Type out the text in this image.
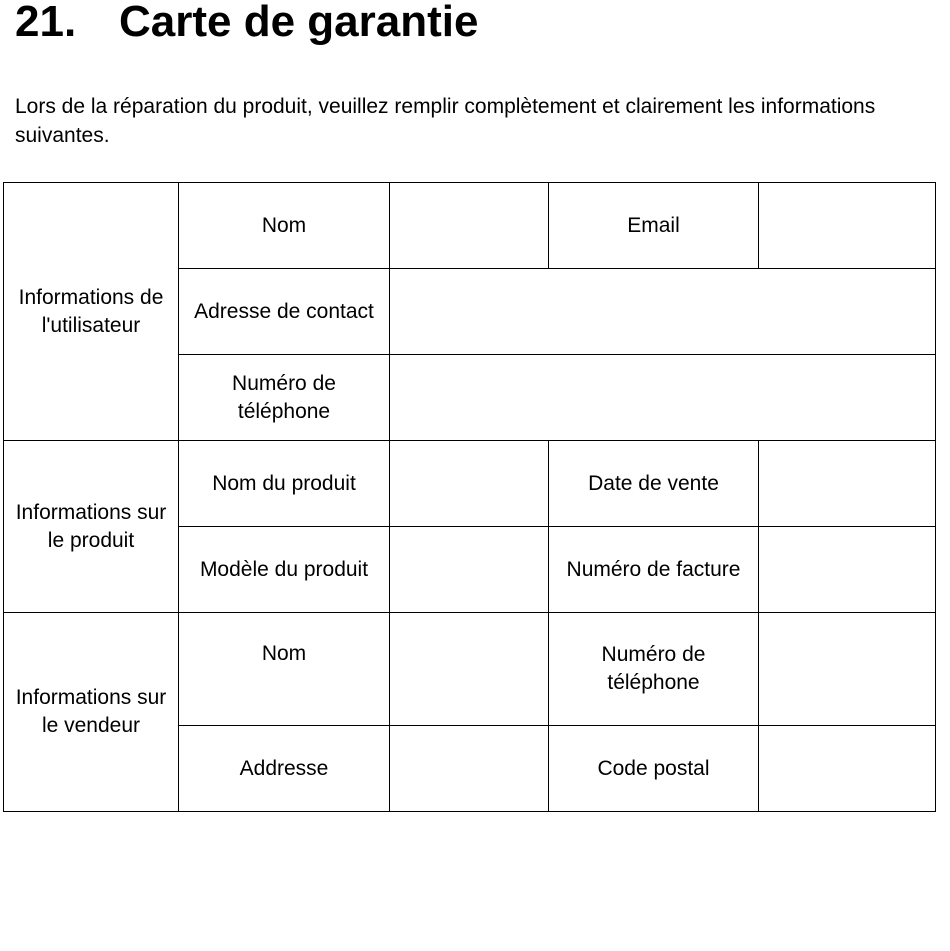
21. Carte de garantie

Lors de la réparation du produit, veuillez remplir complètement et clairement les informations suivantes.

Informations de l'utilisateur	Nom		Email	
	Adresse de contact			
	Numéro de téléphone			
Informations sur le produit	Nom du produit		Date de vente	
	Modèle du produit		Numéro de facture	
Informations sur le vendeur	Nom		Numéro de téléphone	
	Addresse		Code postal	
